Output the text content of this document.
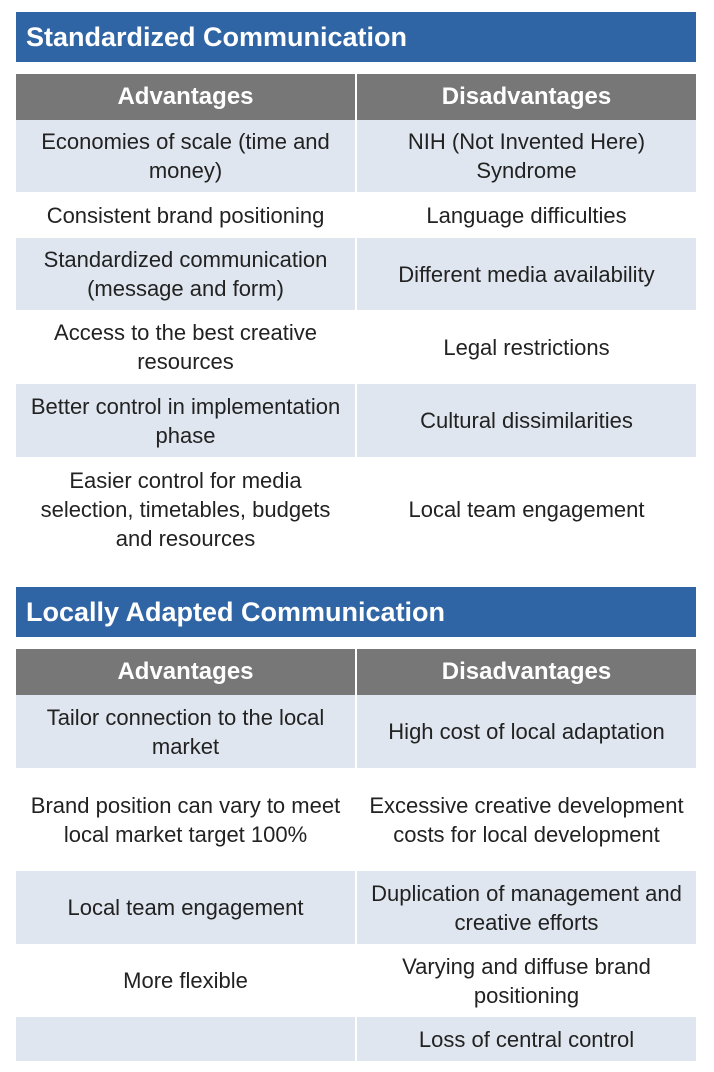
Standardized Communication
Advantages	Disadvantages
Economies of scale (time and money)	NIH (Not Invented Here) Syndrome
Consistent brand positioning	Language difficulties
Standardized communication (message and form)	Different media availability
Access to the best creative resources	Legal restrictions
Better control in implementation phase	Cultural dissimilarities
Easier control for media selection, timetables, budgets and resources	Local team engagement
Locally Adapted Communication
Advantages	Disadvantages
Tailor connection to the local market	High cost of local adaptation
Brand position can vary to meet local market target 100%	Excessive creative development costs for local development
Local team engagement	Duplication of management and creative efforts
More flexible	Varying and diffuse brand positioning
	Loss of central control
